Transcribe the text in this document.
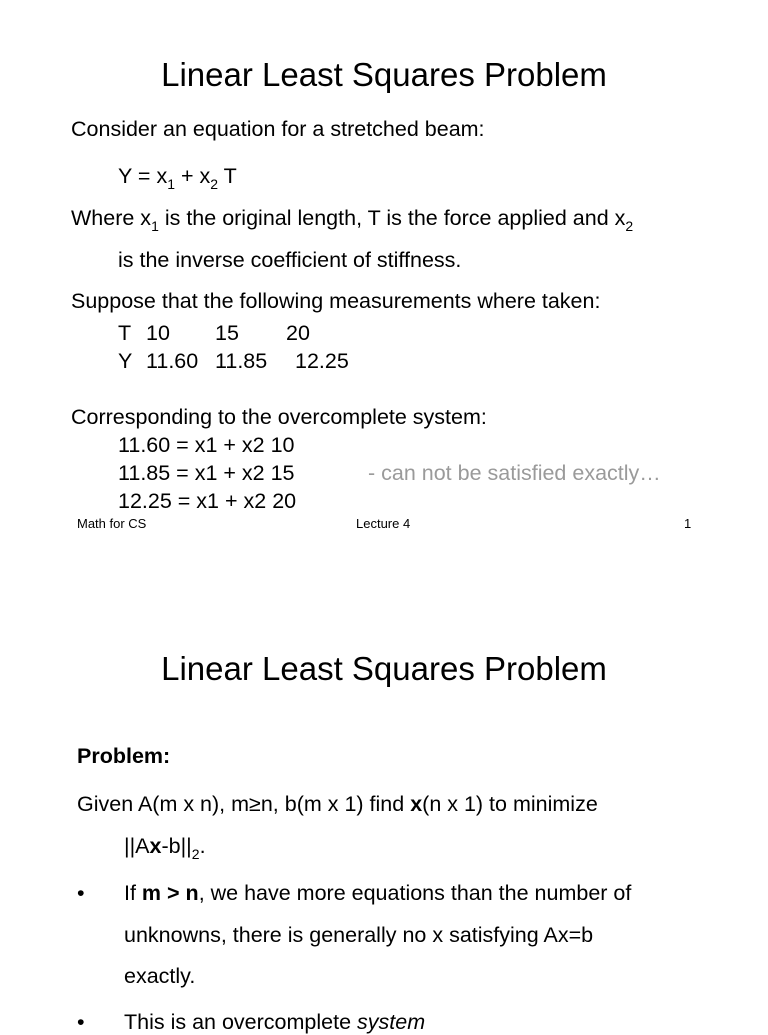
Linear Least Squares Problem
Consider an equation for a stretched beam:
$Y = x_1 + x_2$ T
Where $x_1$ is the original length, T is the force applied and $x_2$
is the inverse coefficient of stiffness.
Suppose that the following measurements where taken:
T 10 15 20
Y 11.60 11.85 12.25
Corresponding to the overcomplete system:
11.60 = x1 + x2 10
11.85 = x1 + x2 15	- can not be satisfied exactly…
12.25 = x1 + x2 20
Math for CS	Lecture 4	1
Linear Least Squares Problem
Problem:
Given A(m x n), m≥n, b(m x 1) find x(n x 1) to minimize
$||Ax-b||_2$.
• If m > n, we have more equations than the number of
unknowns, there is generally no x satisfying Ax=b
exactly.
• This is an overcomplete system
